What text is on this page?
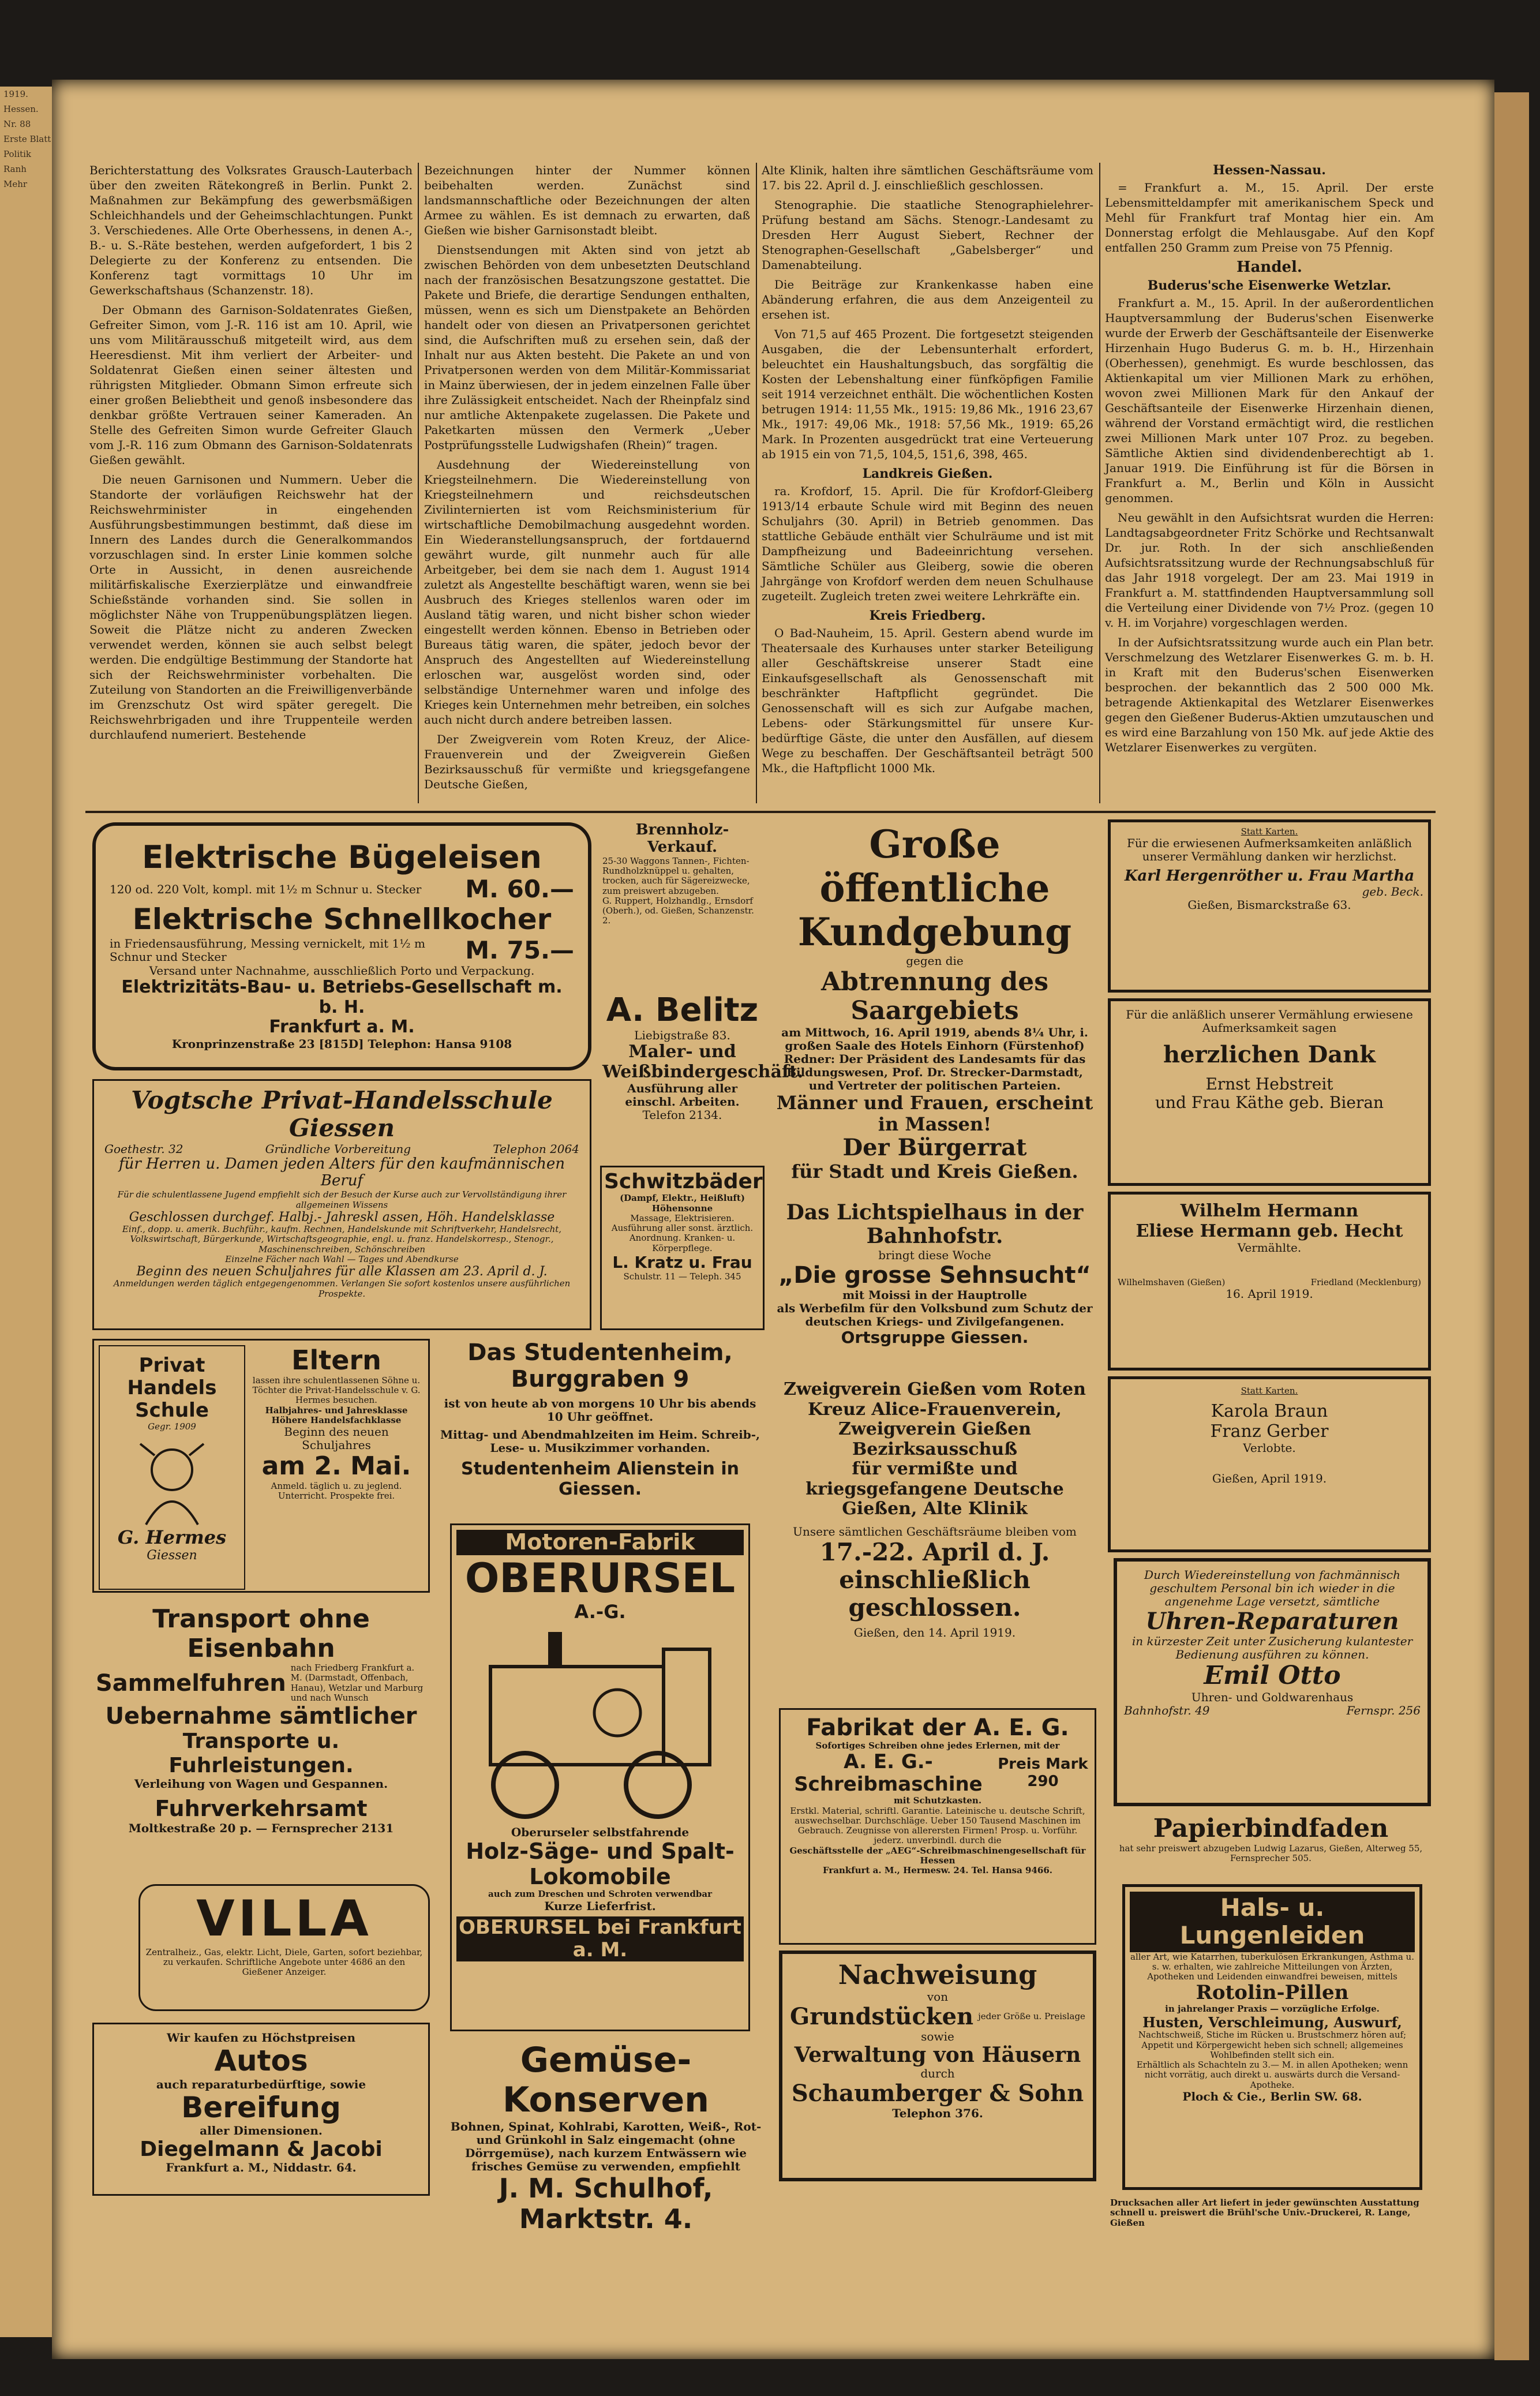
1919.
Hessen.
Nr. 88
Erste Blatt
Politik
Ranh
Mehr

Berichterstattung des Volksrates Grausch-Lauterbach über den zweiten Rätekongreß in Berlin. Punkt 2. Maßnahmen zur Bekämpfung des gewerbsmäßigen Schleichhandels und der Geheimschlachtungen. Punkt 3. Verschiedenes. Alle Orte Oberhessens, in denen A.-, B.- u. S.-Räte bestehen, werden aufgefordert, 1 bis 2 Delegierte zu der Konferenz zu entsenden. Die Konferenz tagt vormittags 10 Uhr im Gewerkschaftshaus (Schanzenstr. 18).

Der Obmann des Garnison-Soldatenrates Gießen, Gefreiter Simon, vom J.-R. 116 ist am 10. April, wie uns vom Militärausschuß mitgeteilt wird, aus dem Heeresdienst. Mit ihm verliert der Arbeiter- und Soldatenrat Gießen einen seiner ältesten und rührigsten Mitglieder. Obmann Simon erfreute sich einer großen Beliebtheit und genoß insbesondere das denkbar größte Vertrauen seiner Kameraden. An Stelle des Gefreiten Simon wurde Gefreiter Glauch vom J.-R. 116 zum Obmann des Garnison-Soldatenrats Gießen gewählt.

Die neuen Garnisonen und Nummern. Ueber die Standorte der vorläufigen Reichswehr hat der Reichswehrminister in eingehenden Ausführungsbestimmungen bestimmt, daß diese im Innern des Landes durch die Generalkommandos vorzuschlagen sind. In erster Linie kommen solche Orte in Aussicht, in denen ausreichende militärfiskalische Exerzierplätze und einwandfreie Schießstände vorhanden sind. Sie sollen in möglichster Nähe von Truppenübungsplätzen liegen. Soweit die Plätze nicht zu anderen Zwecken verwendet werden, können sie auch selbst belegt werden. Die endgültige Bestimmung der Standorte hat sich der Reichswehrminister vorbehalten. Die Zuteilung von Standorten an die Freiwilligenverbände im Grenzschutz Ost wird später geregelt. Die Reichswehrbrigaden und ihre Truppenteile werden durchlaufend numeriert. Bestehende

Bezeichnungen hinter der Nummer können beibehalten werden. Zunächst sind landsmannschaftliche oder Bezeichnungen der alten Armee zu wählen. Es ist demnach zu erwarten, daß Gießen wie bisher Garnisonstadt bleibt.

Dienstsendungen mit Akten sind von jetzt ab zwischen Behörden von dem unbesetzten Deutschland nach der französischen Besatzungszone gestattet. Die Pakete und Briefe, die derartige Sendungen enthalten, müssen, wenn es sich um Dienstpakete an Behörden handelt oder von diesen an Privatpersonen gerichtet sind, die Aufschriften muß zu ersehen sein, daß der Inhalt nur aus Akten besteht. Die Pakete an und von Privatpersonen werden von dem Militär-Kommissariat in Mainz überwiesen, der in jedem einzelnen Falle über ihre Zulässigkeit entscheidet. Nach der Rheinpfalz sind nur amtliche Aktenpakete zugelassen. Die Pakete und Paketkarten müssen den Vermerk „Ueber Postprüfungsstelle Ludwigshafen (Rhein)“ tragen.

Ausdehnung der Wiedereinstellung von Kriegsteilnehmern. Die Wiedereinstellung von Kriegsteilnehmern und reichsdeutschen Zivilinternierten ist vom Reichsministerium für wirtschaftliche Demobilmachung ausgedehnt worden. Ein Wiederanstellungsanspruch, der fortdauernd gewährt wurde, gilt nunmehr auch für alle Arbeitgeber, bei dem sie nach dem 1. August 1914 zuletzt als Angestellte beschäftigt waren, wenn sie bei Ausbruch des Krieges stellenlos waren oder im Ausland tätig waren, und nicht bisher schon wieder eingestellt werden können. Ebenso in Betrieben oder Bureaus tätig waren, die später, jedoch bevor der Anspruch des Angestellten auf Wiedereinstellung erloschen war, ausgelöst worden sind, oder selbständige Unternehmer waren und infolge des Krieges kein Unternehmen mehr betreiben, ein solches auch nicht durch andere betreiben lassen.

Der Zweigverein vom Roten Kreuz, der Alice-Frauenverein und der Zweigverein Gießen Bezirksausschuß für vermißte und kriegsgefangene Deutsche Gießen,

Alte Klinik, halten ihre sämtlichen Geschäftsräume vom 17. bis 22. April d. J. einschließlich geschlossen.

Stenographie. Die staatliche Stenographielehrer-Prüfung bestand am Sächs. Stenogr.-Landesamt zu Dresden Herr August Siebert, Rechner der Stenographen-Gesellschaft „Gabelsberger“ und Damenabteilung.

Die Beiträge zur Krankenkasse haben eine Abänderung erfahren, die aus dem Anzeigenteil zu ersehen ist.

Von 71,5 auf 465 Prozent. Die fortgesetzt steigenden Ausgaben, die der Lebensunterhalt erfordert, beleuchtet ein Haushaltungsbuch, das sorgfältig die Kosten der Lebenshaltung einer fünfköpfigen Familie seit 1914 verzeichnet enthält. Die wöchentlichen Kosten betrugen 1914: 11,55 Mk., 1915: 19,86 Mk., 1916 23,67 Mk., 1917: 49,06 Mk., 1918: 57,56 Mk., 1919: 65,26 Mark. In Prozenten ausgedrückt trat eine Verteuerung ab 1915 ein von 71,5, 104,5, 151,6, 398, 465.

Landkreis Gießen.

ra. Krofdorf, 15. April. Die für Krofdorf-Gleiberg 1913/14 erbaute Schule wird mit Beginn des neuen Schuljahrs (30. April) in Betrieb genommen. Das stattliche Gebäude enthält vier Schulräume und ist mit Dampfheizung und Badeeinrichtung versehen. Sämtliche Schüler aus Gleiberg, sowie die oberen Jahrgänge von Krofdorf werden dem neuen Schulhause zugeteilt. Zugleich treten zwei weitere Lehrkräfte ein.

Kreis Friedberg.

O Bad-Nauheim, 15. April. Gestern abend wurde im Theatersaale des Kurhauses unter starker Beteiligung aller Geschäftskreise unserer Stadt eine Einkaufsgesellschaft als Genossenschaft mit beschränkter Haftpflicht gegründet. Die Genossenschaft will es sich zur Aufgabe machen, Lebens- oder Stärkungsmittel für unsere Kur- bedürftige Gäste, die unter den Ausfällen, auf diesem Wege zu beschaffen. Der Geschäftsanteil beträgt 500 Mk., die Haftpflicht 1000 Mk.

Hessen-Nassau.

= Frankfurt a. M., 15. April. Der erste Lebensmitteldampfer mit amerikanischem Speck und Mehl für Frankfurt traf Montag hier ein. Am Donnerstag erfolgt die Mehlausgabe. Auf den Kopf entfallen 250 Gramm zum Preise von 75 Pfennig.

Handel.
Buderus'sche Eisenwerke Wetzlar.

Frankfurt a. M., 15. April. In der außerordentlichen Hauptversammlung der Buderus'schen Eisenwerke wurde der Erwerb der Geschäftsanteile der Eisenwerke Hirzenhain Hugo Buderus G. m. b. H., Hirzenhain (Oberhessen), genehmigt. Es wurde beschlossen, das Aktienkapital um vier Millionen Mark zu erhöhen, wovon zwei Millionen Mark für den Ankauf der Geschäftsanteile der Eisenwerke Hirzenhain dienen, während der Vorstand ermächtigt wird, die restlichen zwei Millionen Mark unter 107 Proz. zu begeben. Sämtliche Aktien sind dividendenberechtigt ab 1. Januar 1919. Die Einführung ist für die Börsen in Frankfurt a. M., Berlin und Köln in Aussicht genommen.

Neu gewählt in den Aufsichtsrat wurden die Herren: Landtagsabgeordneter Fritz Schörke und Rechtsanwalt Dr. jur. Roth. In der sich anschließenden Aufsichtsratssitzung wurde der Rechnungsabschluß für das Jahr 1918 vorgelegt. Der am 23. Mai 1919 in Frankfurt a. M. stattfindenden Hauptversammlung soll die Verteilung einer Dividende von 7½ Proz. (gegen 10 v. H. im Vorjahre) vorgeschlagen werden.

In der Aufsichtsratssitzung wurde auch ein Plan betr. Verschmelzung des Wetzlarer Eisenwerkes G. m. b. H. in Kraft mit den Buderus'schen Eisenwerken besprochen. der bekanntlich das 2 500 000 Mk. betragende Aktienkapital des Wetzlarer Eisenwerkes gegen den Gießener Buderus-Aktien umzutauschen und es wird eine Barzahlung von 150 Mk. auf jede Aktie des Wetzlarer Eisenwerkes zu vergüten.

Elektrische Bügeleisen
120 od. 220 Volt, kompl. mit 1½ m Schnur u. Stecker M. 60.—
Elektrische Schnellkocher
in Friedensausführung, Messing vernickelt, mit 1½ m Schnur und Stecker	M. 75.—
Versand unter Nachnahme, ausschließlich Porto und Verpackung.
Elektrizitäts-Bau- u. Betriebs-Gesellschaft m. b. H.
Frankfurt a. M.
Kronprinzenstraße 23 [815D] Telephon: Hansa 9108
Vogtsche Privat-Handelsschule Giessen
Goethestr. 32	Gründliche Vorbereitung	Telephon 2064
für Herren u. Damen jeden Alters für den kaufmännischen Beruf
Für die schulentlassene Jugend empfiehlt sich der Besuch der Kurse auch zur Vervollständigung ihrer allgemeinen Wissens
Geschlossen durchgef. Halbj.- Jahreskl assen, Höh. Handelsklasse
Einf., dopp. u. amerik. Buchführ., kaufm. Rechnen, Handelskunde mit Schriftverkehr, Handelsrecht, Volkswirtschaft, Bürgerkunde, Wirtschaftsgeographie, engl. u. franz. Handelskorresp., Stenogr., Maschinenschreiben, Schönschreiben
Einzelne Fächer nach Wahl — Tages und Abendkurse
Beginn des neuen Schuljahres für alle Klassen am 23. April d. J.
Anmeldungen werden täglich entgegengenommen. Verlangen Sie sofort kostenlos unsere ausführlichen Prospekte.
Privat Handels Schule
Gegr. 1909
G. Hermes
Giessen
Eltern
lassen ihre schulentlassenen Söhne u. Töchter die Privat-Handelsschule v. G. Hermes besuchen.
Halbjahres- und Jahresklasse Höhere Handelsfachklasse
Beginn des neuen Schuljahres
am 2. Mai.
Anmeld. täglich u. zu jeglend. Unterricht. Prospekte frei.
Transport ohne Eisenbahn
Sammelfuhren
nach Friedberg Frankfurt a. M. (Darmstadt, Offenbach, Hanau), Wetzlar und Marburg und nach Wunsch
Uebernahme sämtlicher
Transporte u. Fuhrleistungen.
Verleihung von Wagen und Gespannen.
Fuhrverkehrsamt
Moltkestraße 20 p. — Fernsprecher 2131
VILLA
Zentralheiz., Gas, elektr. Licht, Diele, Garten, sofort beziehbar, zu verkaufen. Schriftliche Angebote unter 4686 an den Gießener Anzeiger.
Wir kaufen zu Höchstpreisen
Autos
auch reparaturbedürftige, sowie
Bereifung
aller Dimensionen.
Diegelmann & Jacobi
Frankfurt a. M., Niddastr. 64.
Brennholz-Verkauf.
25-30 Waggons Tannen-, Fichten-Rundholzknüppel u. gehalten, trocken, auch für Sägereizwecke, zum preiswert abzugeben.
G. Ruppert, Holzhandlg., Ernsdorf (Oberh.), od. Gießen, Schanzenstr. 2.
A. Belitz
Liebigstraße 83.
Maler- und Weißbindergeschäft.
Ausführung aller einschl. Arbeiten.
Telefon 2134.
Schwitzbäder
(Dampf, Elektr., Heißluft) Höhensonne
Massage, Elektrisieren. Ausführung aller sonst. ärztlich. Anordnung. Kranken- u. Körperpflege.
L. Kratz u. Frau
Schulstr. 11 — Teleph. 345
Das Studentenheim, Burggraben 9
ist von heute ab von morgens 10 Uhr bis abends 10 Uhr geöffnet.
Mittag- und Abendmahlzeiten im Heim. Schreib-, Lese- u. Musikzimmer vorhanden.
Studentenheim Alienstein in Giessen.
Motoren-Fabrik
OBERURSEL
A.-G.
Oberurseler selbstfahrende
Holz-Säge- und Spalt-Lokomobile
auch zum Dreschen und Schroten verwendbar
Kurze Lieferfrist.
OBERURSEL bei Frankfurt a. M.
Gemüse-Konserven
Bohnen, Spinat, Kohlrabi, Karotten, Weiß-, Rot- und Grünkohl in Salz eingemacht (ohne Dörrgemüse), nach kurzem Entwässern wie frisches Gemüse zu verwenden, empfiehlt
J. M. Schulhof, Marktstr. 4.
Große öffentliche Kundgebung
gegen die
Abtrennung des Saargebiets
am Mittwoch, 16. April 1919, abends 8¼ Uhr, i. großen Saale des Hotels Einhorn (Fürstenhof)
Redner: Der Präsident des Landesamts für das Bildungswesen, Prof. Dr. Strecker-Darmstadt, und Vertreter der politischen Parteien.
Männer und Frauen, erscheint in Massen!
Der Bürgerrat
für Stadt und Kreis Gießen.
Das Lichtspielhaus in der Bahnhofstr.
bringt diese Woche
„Die grosse Sehnsucht“
mit Moissi in der Hauptrolle
als Werbefilm für den Volksbund zum Schutz der deutschen Kriegs- und Zivilgefangenen.
Ortsgruppe Giessen.
Zweigverein Gießen vom Roten Kreuz Alice-Frauenverein, Zweigverein Gießen Bezirksausschuß
für vermißte und kriegsgefangene Deutsche
Gießen, Alte Klinik
Unsere sämtlichen Geschäftsräume bleiben vom
17.-22. April d. J. einschließlich geschlossen.
Gießen, den 14. April 1919.
Fabrikat der A. E. G.
Sofortiges Schreiben ohne jedes Erlernen, mit der
A. E. G.-Schreibmaschine
Preis Mark 290
mit Schutzkasten.
Erstkl. Material, schriftl. Garantie. Lateinische u. deutsche Schrift, auswechselbar. Durchschläge. Ueber 150 Tausend Maschinen im Gebrauch. Zeugnisse von allerersten Firmen! Prosp. u. Vorführ. jederz. unverbindl. durch die
Geschäftsstelle der „AEG“-Schreibmaschinengesellschaft für Hessen
Frankfurt a. M., Hermesw. 24. Tel. Hansa 9466.
Nachweisung
von
Grundstücken jeder Größe u. Preislage
sowie
Verwaltung von Häusern
durch
Schaumberger & Sohn
Telephon 376.
Statt Karten.
Für die erwiesenen Aufmerksamkeiten anläßlich unserer Vermählung danken wir herzlichst.
Karl Hergenröther u. Frau Martha
geb. Beck.
Gießen, Bismarckstraße 63.
Für die anläßlich unserer Vermählung erwiesene Aufmerksamkeit sagen
herzlichen Dank
Ernst Hebstreit
und Frau Käthe geb. Bieran
Wilhelm Hermann
Eliese Hermann geb. Hecht
Vermählte.
Wilhelmshaven (Gießen)	Friedland (Mecklenburg)
16. April 1919.
Statt Karten.
Karola Braun
Franz Gerber
Verlobte.
Gießen, April 1919.
Durch Wiedereinstellung von fachmännisch geschultem Personal bin ich wieder in die angenehme Lage versetzt, sämtliche
Uhren-Reparaturen
in kürzester Zeit unter Zusicherung kulantester Bedienung ausführen zu können.
Emil Otto
Uhren- und Goldwarenhaus
Bahnhofstr. 49	Fernspr. 256
Papierbindfaden
hat sehr preiswert abzugeben Ludwig Lazarus, Gießen, Alterweg 55, Fernsprecher 505.
Hals- u. Lungenleiden
aller Art, wie Katarrhen, tuberkulösen Erkrankungen, Asthma u. s. w. erhalten, wie zahlreiche Mitteilungen von Ärzten, Apotheken und Leidenden einwandfrei beweisen, mittels
Rotolin-Pillen
in jahrelanger Praxis — vorzügliche Erfolge.
Husten, Verschleimung, Auswurf,
Nachtschweiß, Stiche im Rücken u. Brustschmerz hören auf; Appetit und Körpergewicht heben sich schnell; allgemeines Wohlbefinden stellt sich ein.
Erhältlich als Schachteln zu 3.— M. in allen Apotheken; wenn nicht vorrätig, auch direkt u. auswärts durch die Versand-Apotheke.
Ploch & Cie., Berlin SW. 68.
Drucksachen aller Art liefert in jeder gewünschten Ausstattung schnell u. preiswert die Brühl'sche Univ.-Druckerei, R. Lange, Gießen
